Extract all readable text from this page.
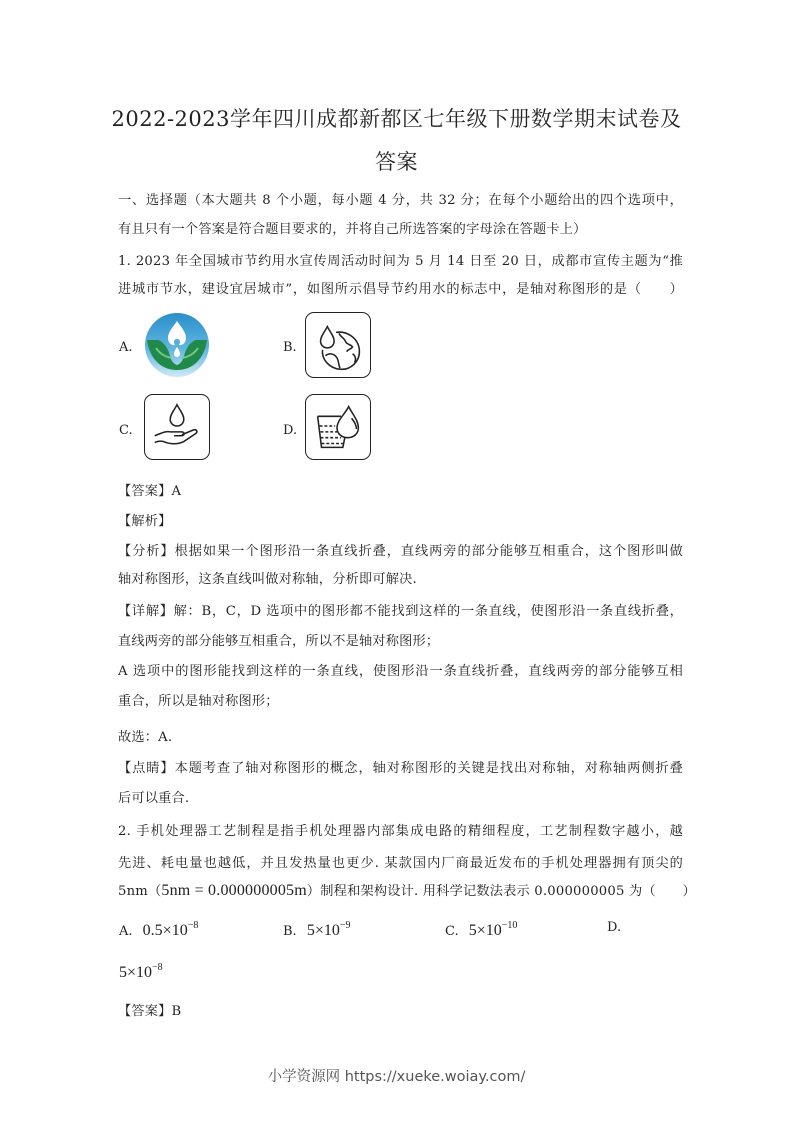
2022-2023学年四川成都新都区七年级下册数学期末试卷及
答案
一、选择题（本大题共 8 个小题，每小题 4 分，共 32 分；在每个小题给出的四个选项中，
有且只有一个答案是符合题目要求的，并将自己所选答案的字母涂在答题卡上）
1. 2023 年全国城市节约用水宣传周活动时间为 5 月 14 日至 20 日，成都市宣传主题为“推
进城市节水，建设宜居城市”，如图所示倡导节约用水的标志中，是轴对称图形的是（　　）
A.	B.
C.	D.
【答案】A
【解析】
【分析】根据如果一个图形沿一条直线折叠，直线两旁的部分能够互相重合，这个图形叫做
轴对称图形，这条直线叫做对称轴，分析即可解决.
【详解】解：B，C，D 选项中的图形都不能找到这样的一条直线，使图形沿一条直线折叠，
直线两旁的部分能够互相重合，所以不是轴对称图形；
A 选项中的图形能找到这样的一条直线，使图形沿一条直线折叠，直线两旁的部分能够互相
重合，所以是轴对称图形；
故选：A.
【点睛】本题考查了轴对称图形的概念，轴对称图形的关键是找出对称轴，对称轴两侧折叠
后可以重合.
2. 手机处理器工艺制程是指手机处理器内部集成电路的精细程度，工艺制程数字越小，越
先进、耗电量也越低，并且发热量也更少. 某款国内厂商最近发布的手机处理器拥有顶尖的
5nm（5nm = 0.000000005m）制程和架构设计. 用科学记数法表示 0.000000005 为（　　）
A. $0.5\times 10^{-8}$	B. $5\times 10^{-9}$	C. $5\times 10^{-10}$	D.
$5\times 10^{-8}$
【答案】B
小学资源网 https://xueke.woiay.com/
